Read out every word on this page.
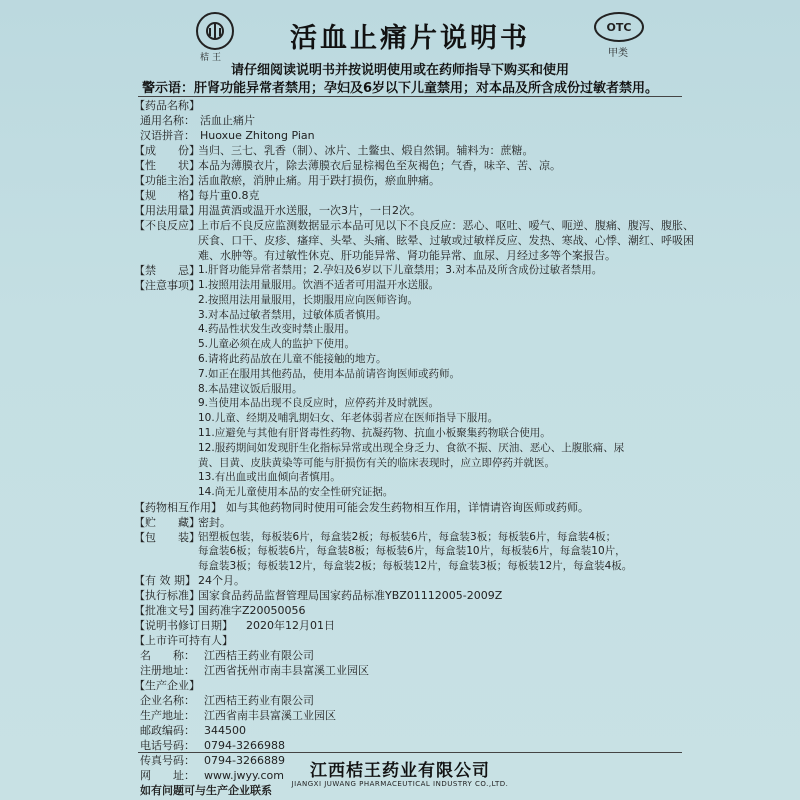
桔王
活血止痛片说明书	OTC
甲类
请仔细阅读说明书并按说明使用或在药师指导下购买和使用
警示语：肝肾功能异常者禁用；孕妇及6岁以下儿童禁用；对本品及所含成份过敏者禁用。
【药品名称】
通用名称： 活血止痛片
汉语拼音： Huoxue Zhitong Pian
【成　　份】
当归、三七、乳香（制）、冰片、土鳖虫、煅自然铜。辅料为：蔗糖。
【性　　状】
本品为薄膜衣片，除去薄膜衣后显棕褐色至灰褐色；气香，味辛、苦、凉。
【功能主治】
活血散瘀，消肿止痛。用于跌打损伤，瘀血肿痛。
【规　　格】
每片重0.8克
【用法用量】
用温黄酒或温开水送服，一次3片，一日2次。
【不良反应】
上市后不良反应监测数据显示本品可见以下不良反应：恶心、呕吐、嗳气、呃逆、腹痛、腹泻、腹胀、厌食、口干、皮疹、瘙痒、头晕、头痛、眩晕、过敏或过敏样反应、发热、寒战、心悸、潮红、呼吸困难、水肿等。有过敏性休克、肝功能异常、肾功能异常、血尿、月经过多等个案报告。
【禁　　忌】
1.肝肾功能异常者禁用；2.孕妇及6岁以下儿童禁用；3.对本品及所含成份过敏者禁用。
【注意事项】
1.按照用法用量服用。饮酒不适者可用温开水送服。
2.按照用法用量服用，长期服用应向医师咨询。
3.对本品过敏者禁用，过敏体质者慎用。
4.药品性状发生改变时禁止服用。
5.儿童必须在成人的监护下使用。
6.请将此药品放在儿童不能接触的地方。
7.如正在服用其他药品，使用本品前请咨询医师或药师。
8.本品建议饭后服用。
9.当使用本品出现不良反应时，应停药并及时就医。
10.儿童、经期及哺乳期妇女、年老体弱者应在医师指导下服用。
11.应避免与其他有肝肾毒性药物、抗凝药物、抗血小板聚集药物联合使用。
12.服药期间如发现肝生化指标异常或出现全身乏力、食欲不振、厌油、恶心、上腹胀痛、尿
黄、目黄、皮肤黄染等可能与肝损伤有关的临床表现时，应立即停药并就医。
13.有出血或出血倾向者慎用。
14.尚无儿童使用本品的安全性研究证据。
【药物相互作用】 如与其他药物同时使用可能会发生药物相互作用，详情请咨询医师或药师。
【贮　　藏】
密封。
【包　　装】
铝塑板包装，每板装6片，每盒装2板；每板装6片，每盒装3板；每板装6片，每盒装4板；
每盒装6板；每板装6片，每盒装8板；每板装6片，每盒装10片，每板装6片，每盒装10片，
每盒装3板；每板装12片，每盒装2板；每板装12片，每盒装3板；每板装12片，每盒装4板。
【有 效 期】 24个月。
【执行标准】
国家食品药品监督管理局国家药品标准YBZ01112005-2009Z
【批准文号】
国药准字Z20050056
【说明书修订日期】	2020年12月01日
【上市许可持有人】
名　　称： 江西桔王药业有限公司
注册地址： 江西省抚州市南丰县富溪工业园区
【生产企业】
企业名称： 江西桔王药业有限公司
生产地址： 江西省南丰县富溪工业园区
邮政编码： 344500
电话号码： 0794-3266988
传真号码： 0794-3266889
网　　址： www.jwyy.com
如有问题可与生产企业联系
江西桔王药业有限公司
JIANGXI JUWANG PHARMACEUTICAL INDUSTRY CO.,LTD.
